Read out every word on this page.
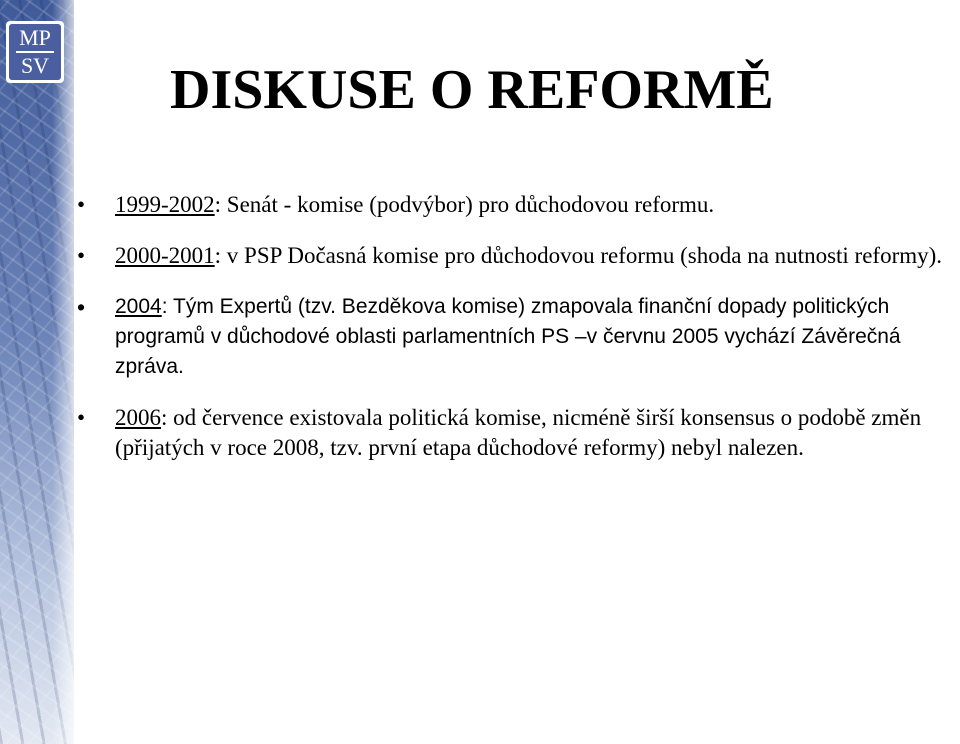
MP
SV DISKUSE O REFORMĚ
• 1999-2002: Senát - komise (podvýbor) pro důchodovou reformu.
• 2000-2001: v PSP Dočasná komise pro důchodovou reformu (shoda na nutnosti reformy).
• 2004: Tým Expertů (tzv. Bezděkova komise) zmapovala finanční dopady politických programů v důchodové oblasti parlamentních PS –v červnu 2005 vychází Závěrečná zpráva.
• 2006: od července existovala politická komise, nicméně širší konsensus o podobě změn (přijatých v roce 2008, tzv. první etapa důchodové reformy) nebyl nalezen.
